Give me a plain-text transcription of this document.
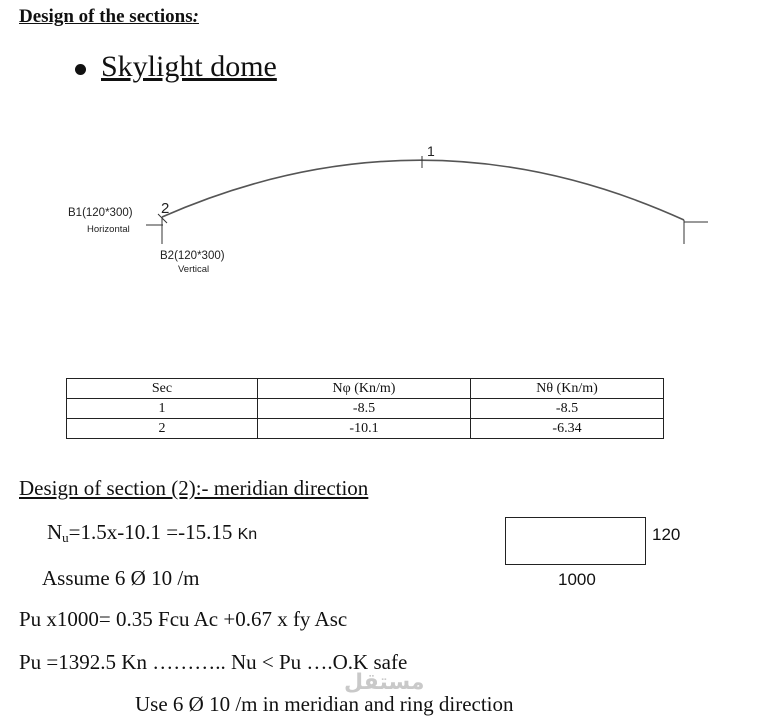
Design of the sections:
Skylight dome
B1(120*300)
Horizontal
B2(120*300)
Vertical
2
1
Sec	Nφ (Kn/m)	Nθ (Kn/m)
1	-8.5	-8.5
2	-10.1	-6.34
Design of section (2):- meridian direction
$N_u=1.5x-10.1 =-15.15$ Kn
Assume 6 Ø 10 /m
Pu x1000= 0.35 Fcu Ac +0.67 x fy Asc
Pu =1392.5 Kn ……….. Nu < Pu ….O.K safe
Use 6 Ø 10 /m in meridian and ring direction
120
1000
مستقل
